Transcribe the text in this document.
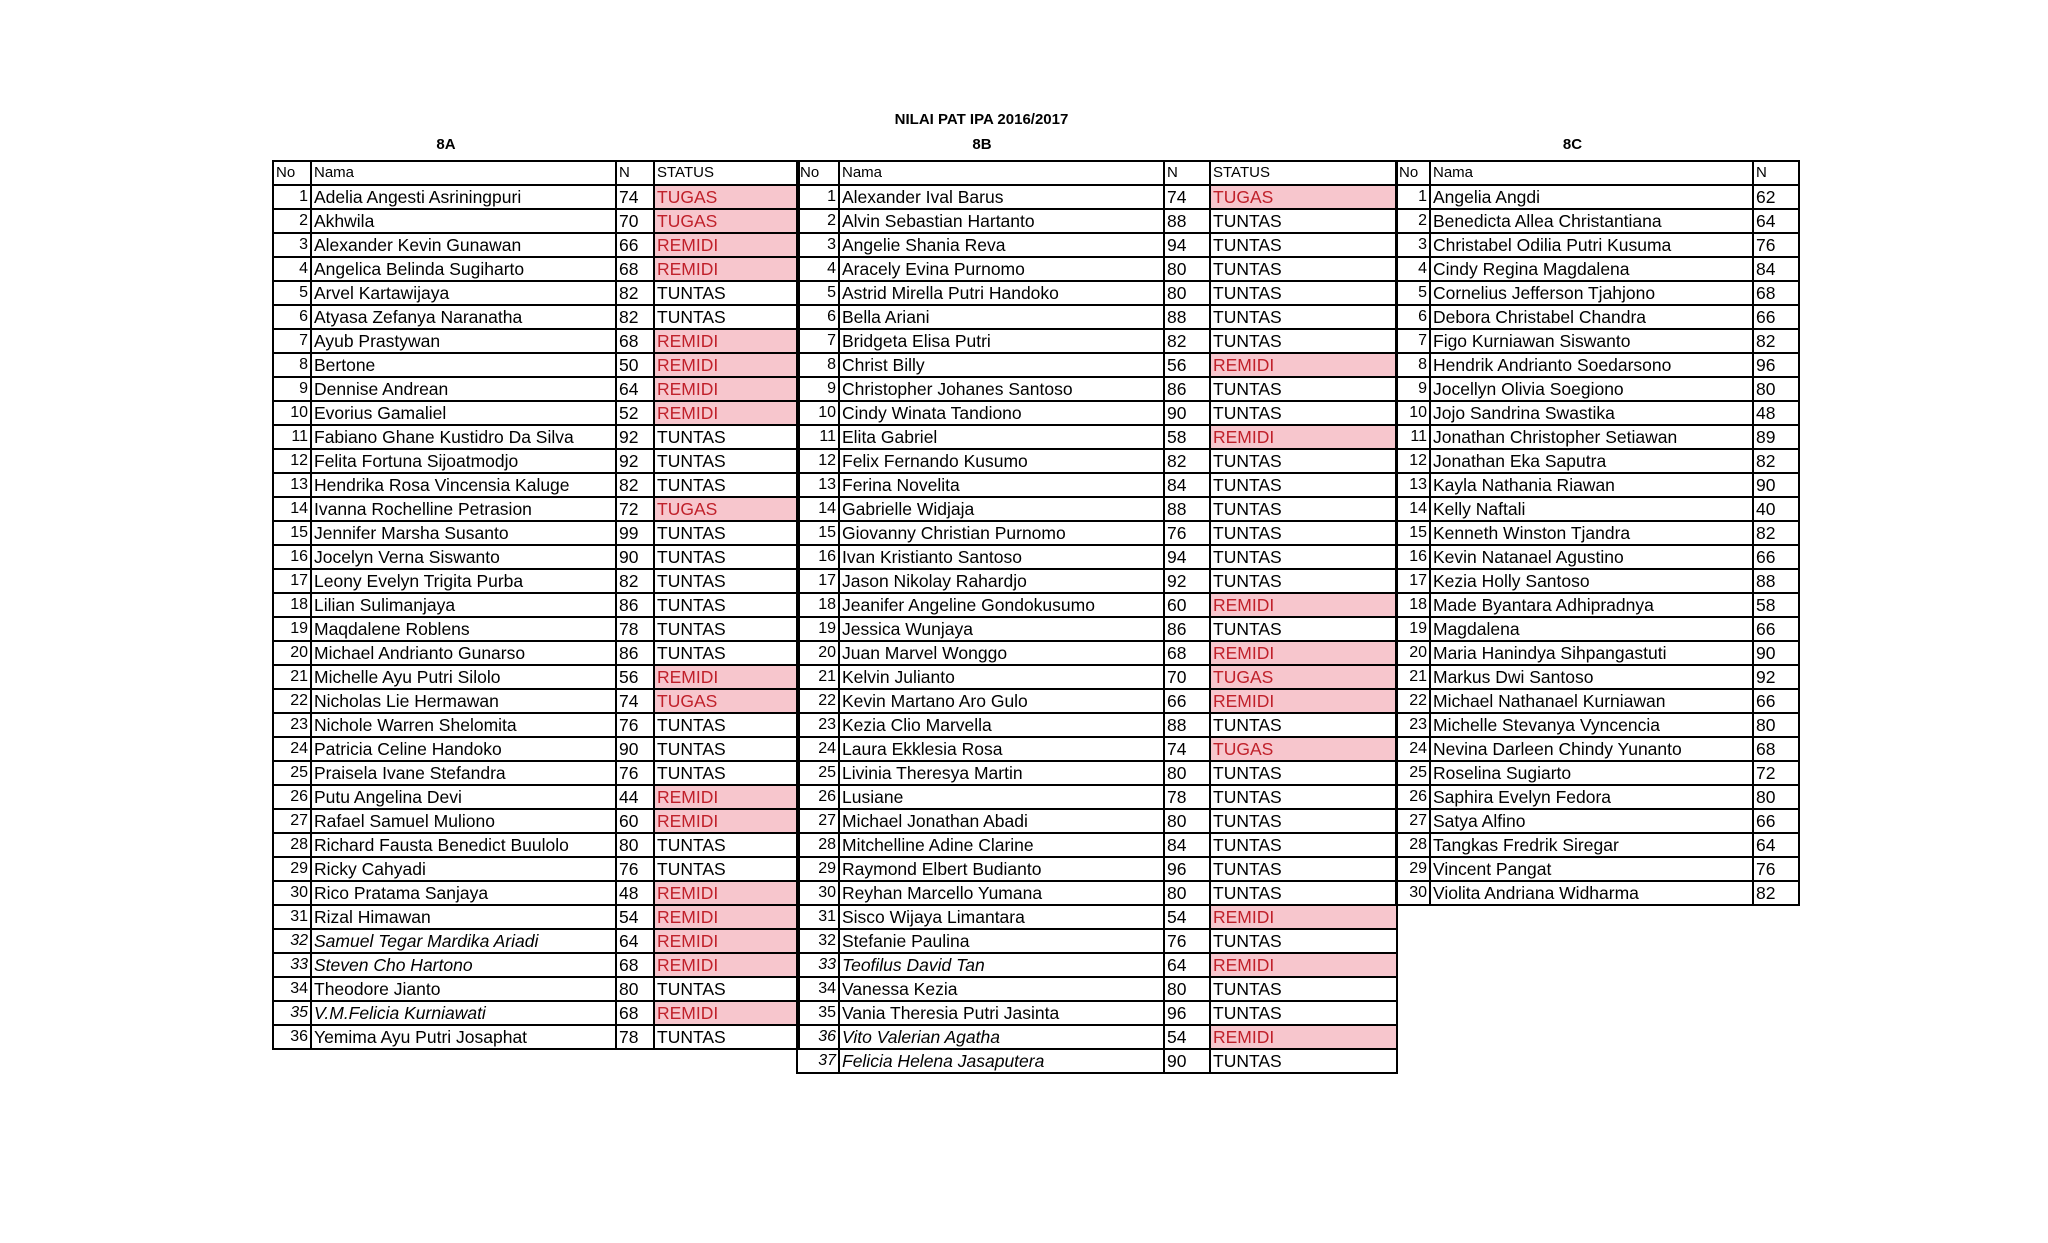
NILAI PAT IPA 2016/2017
8A	8B	8C
No	Nama	N	STATUS
1	Adelia Angesti Asriningpuri	74	TUGAS
2	Akhwila	70	TUGAS
3	Alexander Kevin Gunawan	66	REMIDI
4	Angelica Belinda Sugiharto	68	REMIDI
5	Arvel Kartawijaya	82	TUNTAS
6	Atyasa Zefanya Naranatha	82	TUNTAS
7	Ayub Prastywan	68	REMIDI
8	Bertone	50	REMIDI
9	Dennise Andrean	64	REMIDI
10	Evorius Gamaliel	52	REMIDI
11	Fabiano Ghane Kustidro Da Silva	92	TUNTAS
12	Felita Fortuna Sijoatmodjo	92	TUNTAS
13	Hendrika Rosa Vincensia Kaluge	82	TUNTAS
14	Ivanna Rochelline Petrasion	72	TUGAS
15	Jennifer Marsha Susanto	99	TUNTAS
16	Jocelyn Verna Siswanto	90	TUNTAS
17	Leony Evelyn Trigita Purba	82	TUNTAS
18	Lilian Sulimanjaya	86	TUNTAS
19	Maqdalene Roblens	78	TUNTAS
20	Michael Andrianto Gunarso	86	TUNTAS
21	Michelle Ayu Putri Silolo	56	REMIDI
22	Nicholas Lie Hermawan	74	TUGAS
23	Nichole Warren Shelomita	76	TUNTAS
24	Patricia Celine Handoko	90	TUNTAS
25	Praisela Ivane Stefandra	76	TUNTAS
26	Putu Angelina Devi	44	REMIDI
27	Rafael Samuel Muliono	60	REMIDI
28	Richard Fausta Benedict Buulolo	80	TUNTAS
29	Ricky Cahyadi	76	TUNTAS
30	Rico Pratama Sanjaya	48	REMIDI
31	Rizal Himawan	54	REMIDI
32	Samuel Tegar Mardika Ariadi	64	REMIDI
33	Steven Cho Hartono	68	REMIDI
34	Theodore Jianto	80	TUNTAS
35	V.M.Felicia Kurniawati	68	REMIDI
36	Yemima Ayu Putri Josaphat	78	TUNTAS
No	Nama	N	STATUS
1	Alexander Ival Barus	74	TUGAS
2	Alvin Sebastian Hartanto	88	TUNTAS
3	Angelie Shania Reva	94	TUNTAS
4	Aracely Evina Purnomo	80	TUNTAS
5	Astrid Mirella Putri Handoko	80	TUNTAS
6	Bella Ariani	88	TUNTAS
7	Bridgeta Elisa Putri	82	TUNTAS
8	Christ Billy	56	REMIDI
9	Christopher Johanes Santoso	86	TUNTAS
10	Cindy Winata Tandiono	90	TUNTAS
11	Elita Gabriel	58	REMIDI
12	Felix Fernando Kusumo	82	TUNTAS
13	Ferina Novelita	84	TUNTAS
14	Gabrielle Widjaja	88	TUNTAS
15	Giovanny Christian Purnomo	76	TUNTAS
16	Ivan Kristianto Santoso	94	TUNTAS
17	Jason Nikolay Rahardjo	92	TUNTAS
18	Jeanifer Angeline Gondokusumo	60	REMIDI
19	Jessica Wunjaya	86	TUNTAS
20	Juan Marvel Wonggo	68	REMIDI
21	Kelvin Julianto	70	TUGAS
22	Kevin Martano Aro Gulo	66	REMIDI
23	Kezia Clio Marvella	88	TUNTAS
24	Laura Ekklesia Rosa	74	TUGAS
25	Livinia Theresya Martin	80	TUNTAS
26	Lusiane	78	TUNTAS
27	Michael Jonathan Abadi	80	TUNTAS
28	Mitchelline Adine Clarine	84	TUNTAS
29	Raymond Elbert Budianto	96	TUNTAS
30	Reyhan Marcello Yumana	80	TUNTAS
31	Sisco Wijaya Limantara	54	REMIDI
32	Stefanie Paulina	76	TUNTAS
33	Teofilus David Tan	64	REMIDI
34	Vanessa Kezia	80	TUNTAS
35	Vania Theresia Putri Jasinta	96	TUNTAS
36	Vito Valerian Agatha	54	REMIDI
37	Felicia Helena Jasaputera	90	TUNTAS
No	Nama	N
1	Angelia Angdi	62
2	Benedicta Allea Christantiana	64
3	Christabel Odilia Putri Kusuma	76
4	Cindy Regina Magdalena	84
5	Cornelius Jefferson Tjahjono	68
6	Debora Christabel Chandra	66
7	Figo Kurniawan Siswanto	82
8	Hendrik Andrianto Soedarsono	96
9	Jocellyn Olivia Soegiono	80
10	Jojo Sandrina Swastika	48
11	Jonathan Christopher Setiawan	89
12	Jonathan Eka Saputra	82
13	Kayla Nathania Riawan	90
14	Kelly Naftali	40
15	Kenneth Winston Tjandra	82
16	Kevin Natanael Agustino	66
17	Kezia Holly Santoso	88
18	Made Byantara Adhipradnya	58
19	Magdalena	66
20	Maria Hanindya Sihpangastuti	90
21	Markus Dwi Santoso	92
22	Michael Nathanael Kurniawan	66
23	Michelle Stevanya Vyncencia	80
24	Nevina Darleen Chindy Yunanto	68
25	Roselina Sugiarto	72
26	Saphira Evelyn Fedora	80
27	Satya Alfino	66
28	Tangkas Fredrik Siregar	64
29	Vincent Pangat	76
30	Violita Andriana Widharma	82
